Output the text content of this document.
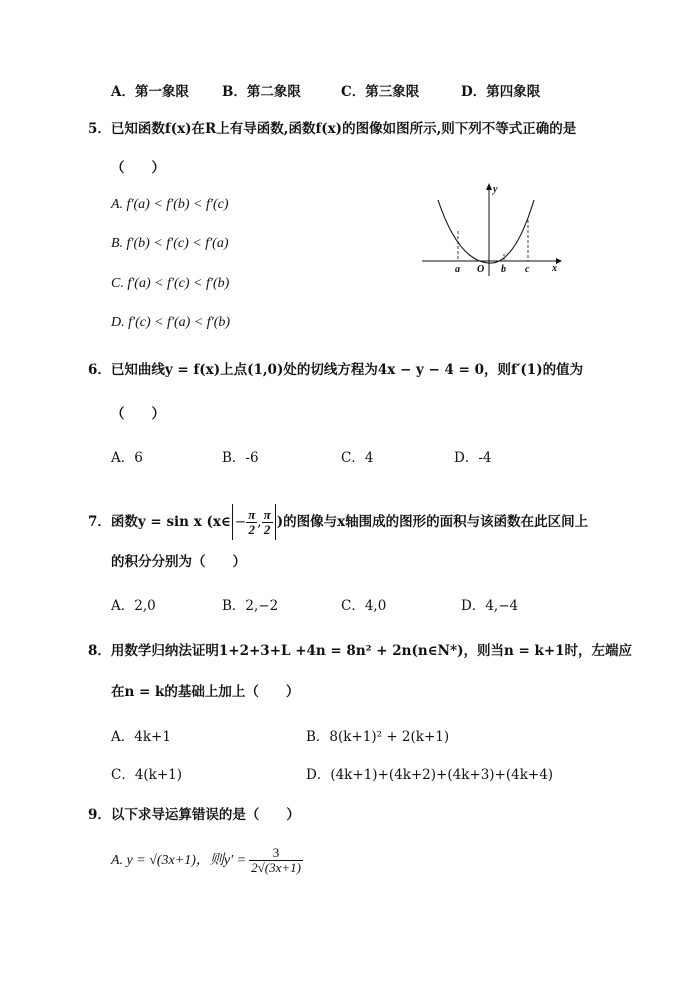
A．第一象限 B．第二象限	C．第三象限	D．第四象限
5．已知函数f(x)在R上有导函数,函数f(x)的图像如图所示,则下列不等式正确的是
（　　）
A. f′(a) < f′(b) < f′(c)
B. f′(b) < f′(c) < f′(a)
C. f′(a) < f′(c) < f′(b)
D. f′(c) < f′(a) < f′(b)
y
x
O
a	b c
6．已知曲线y = f(x)上点(1,0)处的切线方程为4x − y − 4 = 0，则f′(1)的值为
（　　）
A．6	B．-6	C．4	D．-4
7．函数y = sin x (x∈ − $\frac{\pi}{2}$ , $\frac{\pi}{2}$ )的图像与x轴围成的图形的面积与该函数在此区间上
的积分分别为（　　）
A．2,0	B．2,−2	C．4,0	D．4,−4
8．用数学归纳法证明1+2+3+L +4n = 8n² + 2n(n∈N*)，则当n = k+1时，左端应
在n = k的基础上加上（　　）
A．4k+1	B．8(k+1)² + 2(k+1)
C．4(k+1)	D．(4k+1)+(4k+2)+(4k+3)+(4k+4)
9．以下求导运算错误的是（　　）
A. y = √(3x+1)，则$y' = \frac{3}{2√(3x+1)}$
